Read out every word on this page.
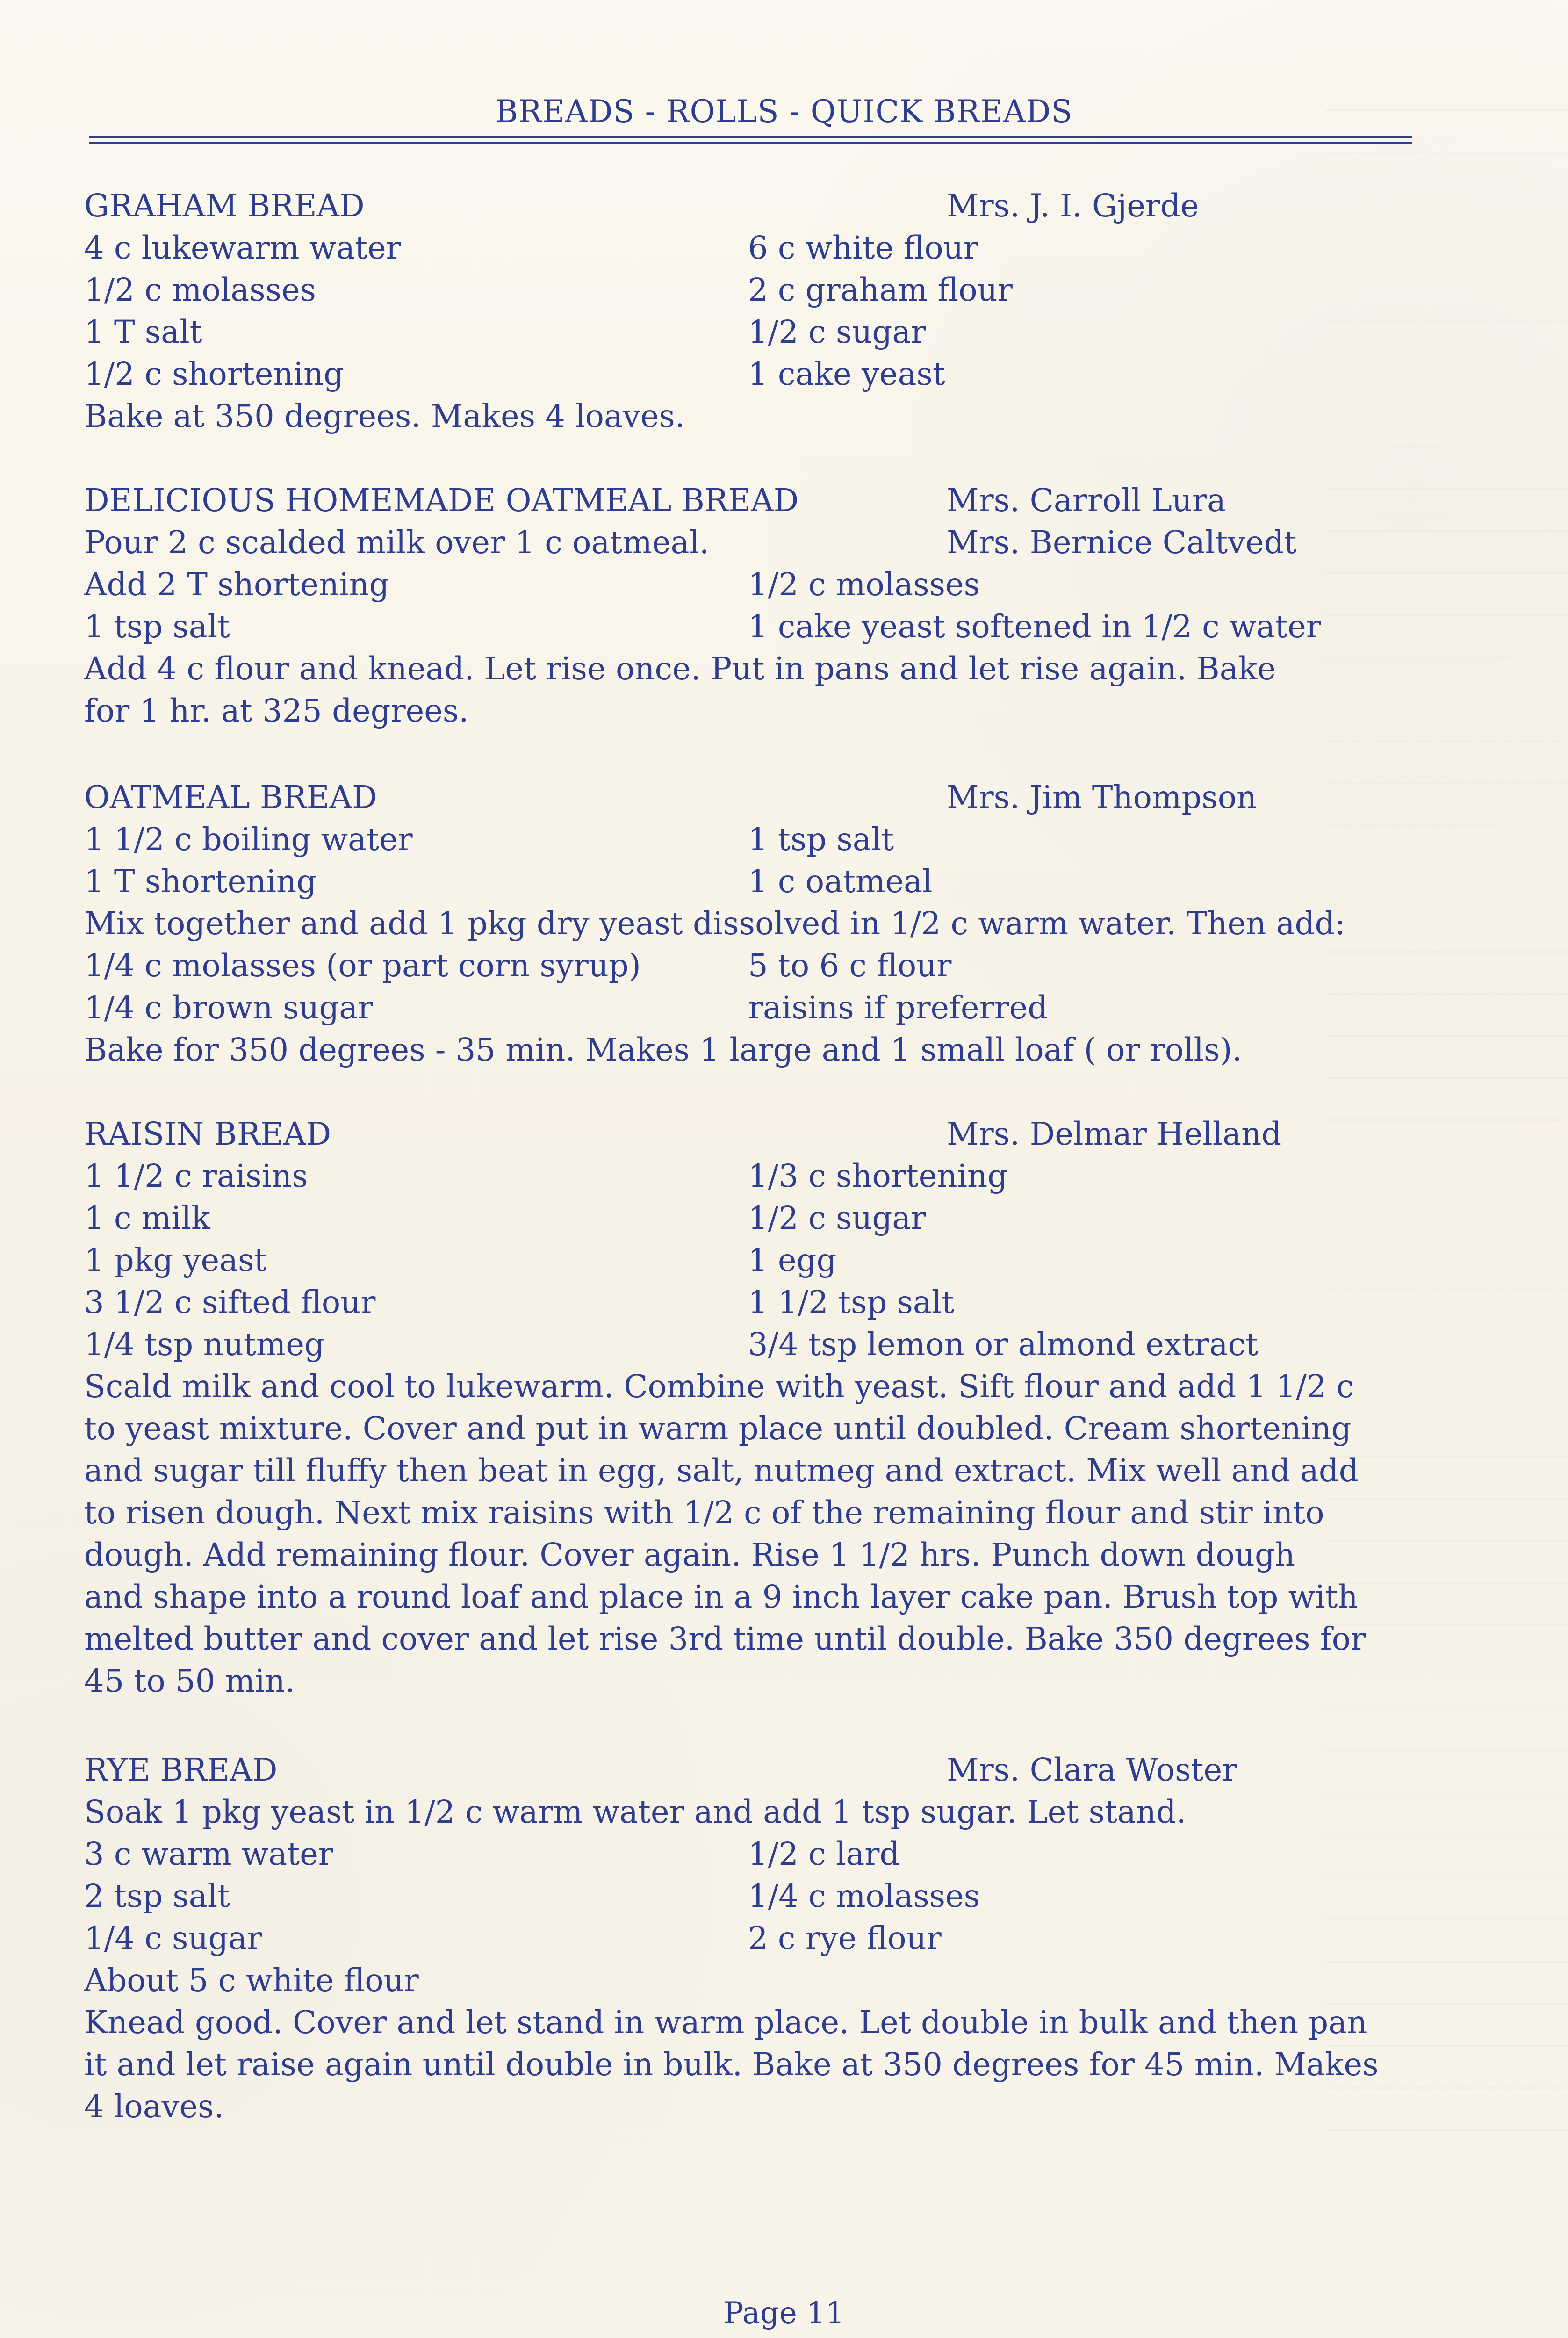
BREADS - ROLLS - QUICK BREADS
GRAHAM BREAD	Mrs. J. I. Gjerde
4 c lukewarm water	6 c white flour
1/2 c molasses	2 c graham flour
1 T salt	1/2 c sugar
1/2 c shortening	1 cake yeast
Bake at 350 degrees. Makes 4 loaves.
DELICIOUS HOMEMADE OATMEAL BREAD	Mrs. Carroll Lura
Pour 2 c scalded milk over 1 c oatmeal.	Mrs. Bernice Caltvedt
Add 2 T shortening	1/2 c molasses
1 tsp salt	1 cake yeast softened in 1/2 c water
Add 4 c flour and knead. Let rise once. Put in pans and let rise again. Bake
for 1 hr. at 325 degrees.
OATMEAL BREAD	Mrs. Jim Thompson
1 1/2 c boiling water	1 tsp salt
1 T shortening	1 c oatmeal
Mix together and add 1 pkg dry yeast dissolved in 1/2 c warm water. Then add:
1/4 c molasses (or part corn syrup)	5 to 6 c flour
1/4 c brown sugar	raisins if preferred
Bake for 350 degrees - 35 min. Makes 1 large and 1 small loaf ( or rolls).
RAISIN BREAD	Mrs. Delmar Helland
1 1/2 c raisins	1/3 c shortening
1 c milk	1/2 c sugar
1 pkg yeast	1 egg
3 1/2 c sifted flour	1 1/2 tsp salt
1/4 tsp nutmeg	3/4 tsp lemon or almond extract
Scald milk and cool to lukewarm. Combine with yeast. Sift flour and add 1 1/2 c
to yeast mixture. Cover and put in warm place until doubled. Cream shortening
and sugar till fluffy then beat in egg, salt, nutmeg and extract. Mix well and add
to risen dough. Next mix raisins with 1/2 c of the remaining flour and stir into
dough. Add remaining flour. Cover again. Rise 1 1/2 hrs. Punch down dough
and shape into a round loaf and place in a 9 inch layer cake pan. Brush top with
melted butter and cover and let rise 3rd time until double. Bake 350 degrees for
45 to 50 min.
RYE BREAD	Mrs. Clara Woster
Soak 1 pkg yeast in 1/2 c warm water and add 1 tsp sugar. Let stand.
3 c warm water	1/2 c lard
2 tsp salt	1/4 c molasses
1/4 c sugar	2 c rye flour
About 5 c white flour
Knead good. Cover and let stand in warm place. Let double in bulk and then pan
it and let raise again until double in bulk. Bake at 350 degrees for 45 min. Makes
4 loaves.
Page 11
